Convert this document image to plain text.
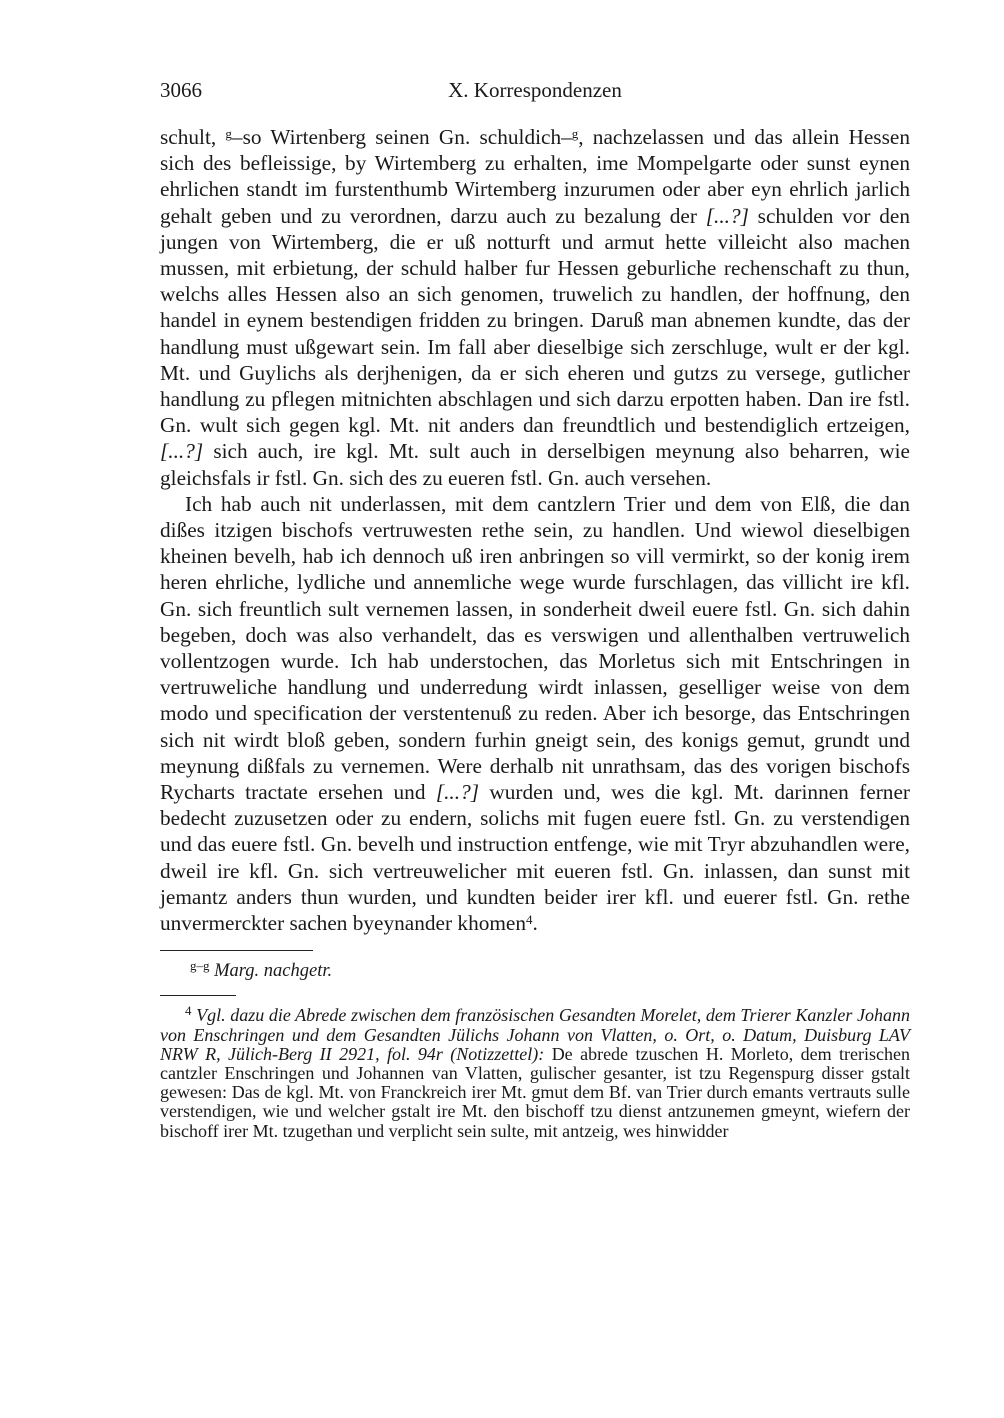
3066	X. Korrespondenzen

schult, $^g$–so Wirtenberg seinen Gn. schuldich–$^g$, nachzelassen und das allein Hessen sich des befleissige, by Wirtemberg zu erhalten, ime Mompelgarte oder sunst eynen ehrlichen standt im furstenthumb Wirtemberg inzurumen oder aber eyn ehrlich jarlich gehalt geben und zu verordnen, darzu auch zu bezalung der [...?] schulden vor den jungen von Wirtemberg, die er uß notturft und armut hette villeicht also machen mussen, mit erbietung, der schuld halber fur Hessen geburliche rechenschaft zu thun, welchs alles Hessen also an sich genomen, truwelich zu handlen, der hoffnung, den handel in eynem bestendigen fridden zu bringen. Daruß man abnemen kundte, das der handlung must ußgewart sein. Im fall aber dieselbige sich zerschluge, wult er der kgl. Mt. und Guylichs als derjhenigen, da er sich eheren und gutzs zu versege, gutlicher handlung zu pflegen mitnichten abschlagen und sich darzu erpotten haben. Dan ire fstl. Gn. wult sich gegen kgl. Mt. nit anders dan freundtlich und bestendiglich ertzeigen, [...?] sich auch, ire kgl. Mt. sult auch in derselbigen meynung also beharren, wie gleichsfals ir fstl. Gn. sich des zu eueren fstl. Gn. auch versehen.

Ich hab auch nit underlassen, mit dem cantzlern Trier und dem von Elß, die dan dißes itzigen bischofs vertruwesten rethe sein, zu handlen. Und wiewol dieselbigen kheinen bevelh, hab ich dennoch uß iren anbringen so vill vermirkt, so der konig irem heren ehrliche, lydliche und annemliche wege wurde furschlagen, das villicht ire kfl. Gn. sich freuntlich sult vernemen lassen, in sonderheit dweil euere fstl. Gn. sich dahin begeben, doch was also verhandelt, das es verswigen und allenthalben vertruwelich vollentzogen wurde. Ich hab understochen, das Morletus sich mit Entschringen in vertruweliche handlung und underredung wirdt inlassen, geselliger weise von dem modo und specification der verstentenuß zu reden. Aber ich besorge, das Entschringen sich nit wirdt bloß geben, sondern furhin gneigt sein, des konigs gemut, grundt und meynung dißfals zu vernemen. Were derhalb nit unrathsam, das des vorigen bischofs Rycharts tractate ersehen und [...?] wurden und, wes die kgl. Mt. darinnen ferner bedecht zuzusetzen oder zu endern, solichs mit fugen euere fstl. Gn. zu verstendigen und das euere fstl. Gn. bevelh und instruction entfenge, wie mit Tryr abzuhandlen were, dweil ire kfl. Gn. sich vertreuwelicher mit eueren fstl. Gn. inlassen, dan sunst mit jemantz anders thun wurden, und kundten beider irer kfl. und euerer fstl. Gn. rethe unvermerckter sachen byeynander khomen$^4$.

$^{g-g}$ Marg. nachgetr.
$^4$ Vgl. dazu die Abrede zwischen dem französischen Gesandten Morelet, dem Trierer Kanzler Johann von Enschringen und dem Gesandten Jülichs Johann von Vlatten, o. Ort, o. Datum, Duisburg LAV NRW R, Jülich-Berg II 2921, fol. 94r (Notizzettel): De abrede tzuschen H. Morleto, dem trerischen cantzler Enschringen und Johannen van Vlatten, gulischer gesanter, ist tzu Regenspurg disser gstalt gewesen: Das de kgl. Mt. von Franckreich irer Mt. gmut dem Bf. van Trier durch emants vertrauts sulle verstendigen, wie und welcher gstalt ire Mt. den bischoff tzu dienst antzunemen gmeynt, wiefern der bischoff irer Mt. tzugethan und verplicht sein sulte, mit antzeig, wes hinwidder
